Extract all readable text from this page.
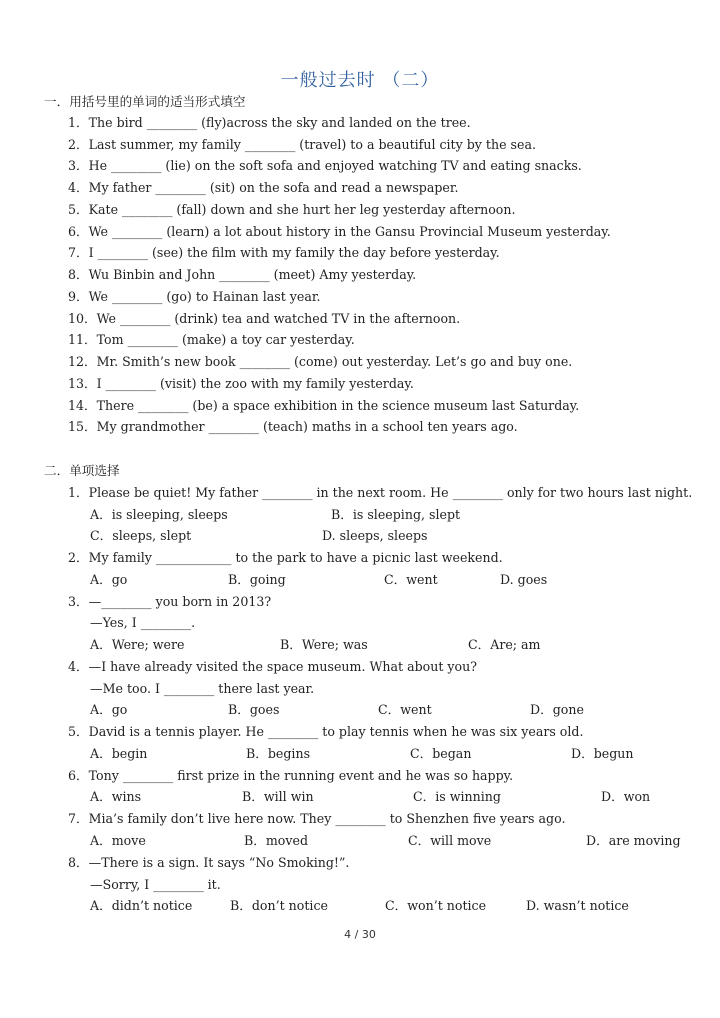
一般过去时 （二）
一．用括号里的单词的适当形式填空
1．The bird ________ (fly)across the sky and landed on the tree.
2．Last summer, my family ________ (travel) to a beautiful city by the sea.
3．He ________ (lie) on the soft sofa and enjoyed watching TV and eating snacks.
4．My father ________ (sit) on the sofa and read a newspaper.
5．Kate ________ (fall) down and she hurt her leg yesterday afternoon.
6．We ________ (learn) a lot about history in the Gansu Provincial Museum yesterday.
7．I ________ (see) the film with my family the day before yesterday.
8．Wu Binbin and John ________ (meet) Amy yesterday.
9．We ________ (go) to Hainan last year.
10．We ________ (drink) tea and watched TV in the afternoon.
11．Tom ________ (make) a toy car yesterday.
12．Mr. Smith’s new book ________ (come) out yesterday. Let’s go and buy one.
13．I ________ (visit) the zoo with my family yesterday.
14．There ________ (be) a space exhibition in the science museum last Saturday.
15．My grandmother ________ (teach) maths in a school ten years ago.
二．单项选择
1．Please be quiet! My father ________ in the next room. He ________ only for two hours last night.
A．is sleeping, sleeps	B．is sleeping, slept
C．sleeps, slept	D. sleeps, sleeps
2．My family ____________ to the park to have a picnic last weekend.
A．go	B．going	C．went	D. goes
3．—________ you born in 2013?
—Yes, I ________.
A．Were; were	B．Were; was	C．Are; am
4．—I have already visited the space museum. What about you?
—Me too. I ________ there last year.
A．go	B．goes	C．went	D．gone
5．David is a tennis player. He ________ to play tennis when he was six years old.
A．begin	B．begins	C．began	D．begun
6．Tony ________ first prize in the running event and he was so happy.
A．wins	B．will win	C．is winning	D．won
7．Mia’s family don’t live here now. They ________ to Shenzhen five years ago.
A．move	B．moved	C．will move	D．are moving
8．—There is a sign. It says “No Smoking!”.
—Sorry, I ________ it.
A．didn’t notice	B．don’t notice	C．won’t notice	D. wasn’t notice
4 / 30
